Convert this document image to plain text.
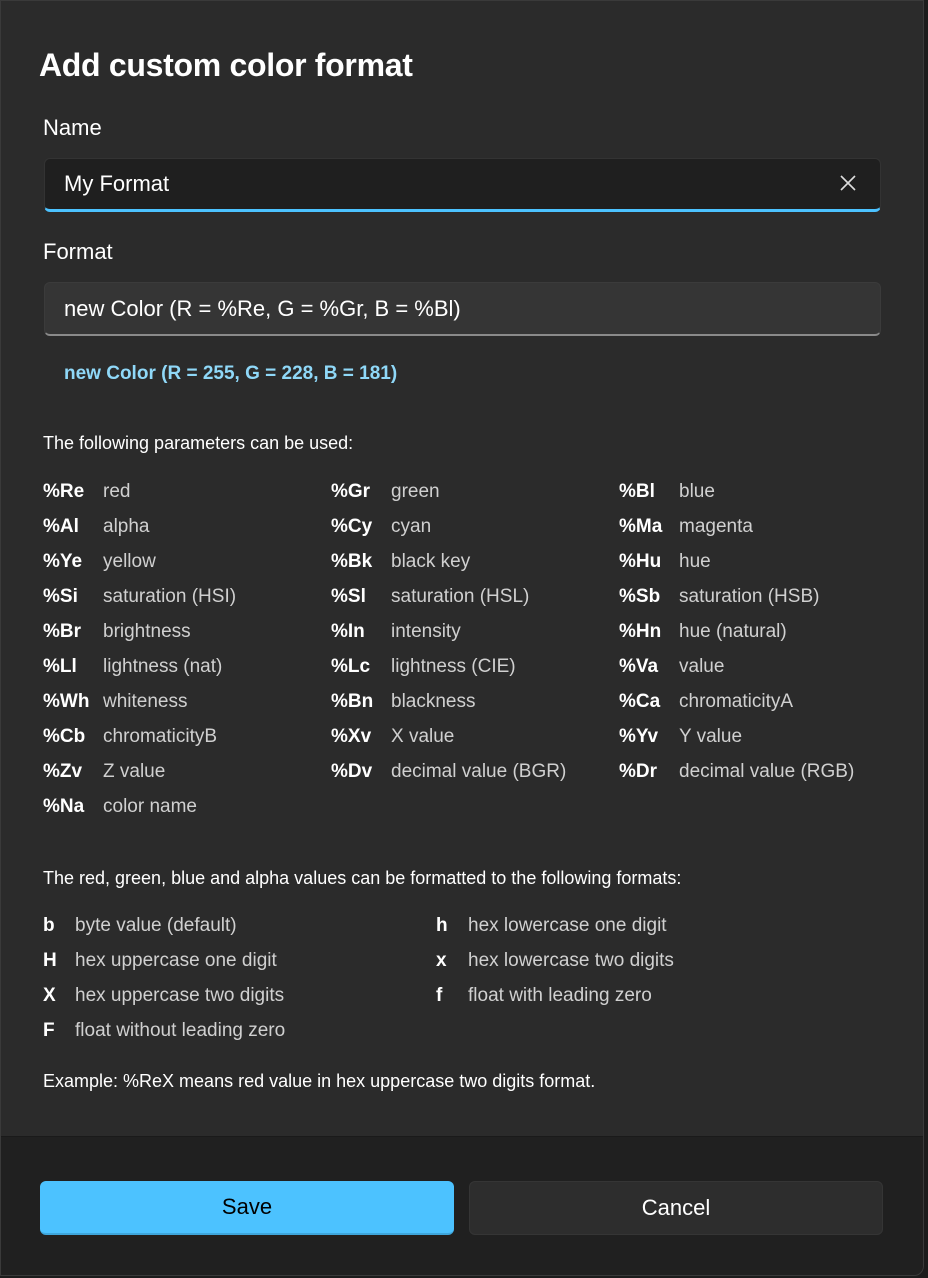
Add custom color format
Name
My Format
Format
new Color (R = %Re, G = %Gr, B = %Bl)
new Color (R = 255, G = 228, B = 181)
The following parameters can be used:
The red, green, blue and alpha values can be formatted to the following formats:
Example: %ReX means red value in hex uppercase two digits format.
Save	Cancel
%Re red	%Gr	green	%Bl	blue
%Al	alpha	%Cy cyan	%Ma magenta
%Ye	yellow	%Bk black key	%Hu hue
%Si	saturation (HSI)	%Sl	saturation (HSL)	%Sb saturation (HSB)
%Br	brightness	%In	intensity	%Hn hue (natural)
%Ll	lightness (nat)	%Lc	lightness (CIE)	%Va	value
%Wh whiteness	%Bn blackness	%Ca chromaticityA
%Cb chromaticityB	%Xv	X value	%Yv	Y value
%Zv	Z value	%Dv decimal value (BGR)	%Dr	decimal value (RGB)
%Na color name
b	byte value (default)	h	hex lowercase one digit
H hex uppercase one digit	x	hex lowercase two digits
X	hex uppercase two digits	f	float with leading zero
F	float without leading zero
